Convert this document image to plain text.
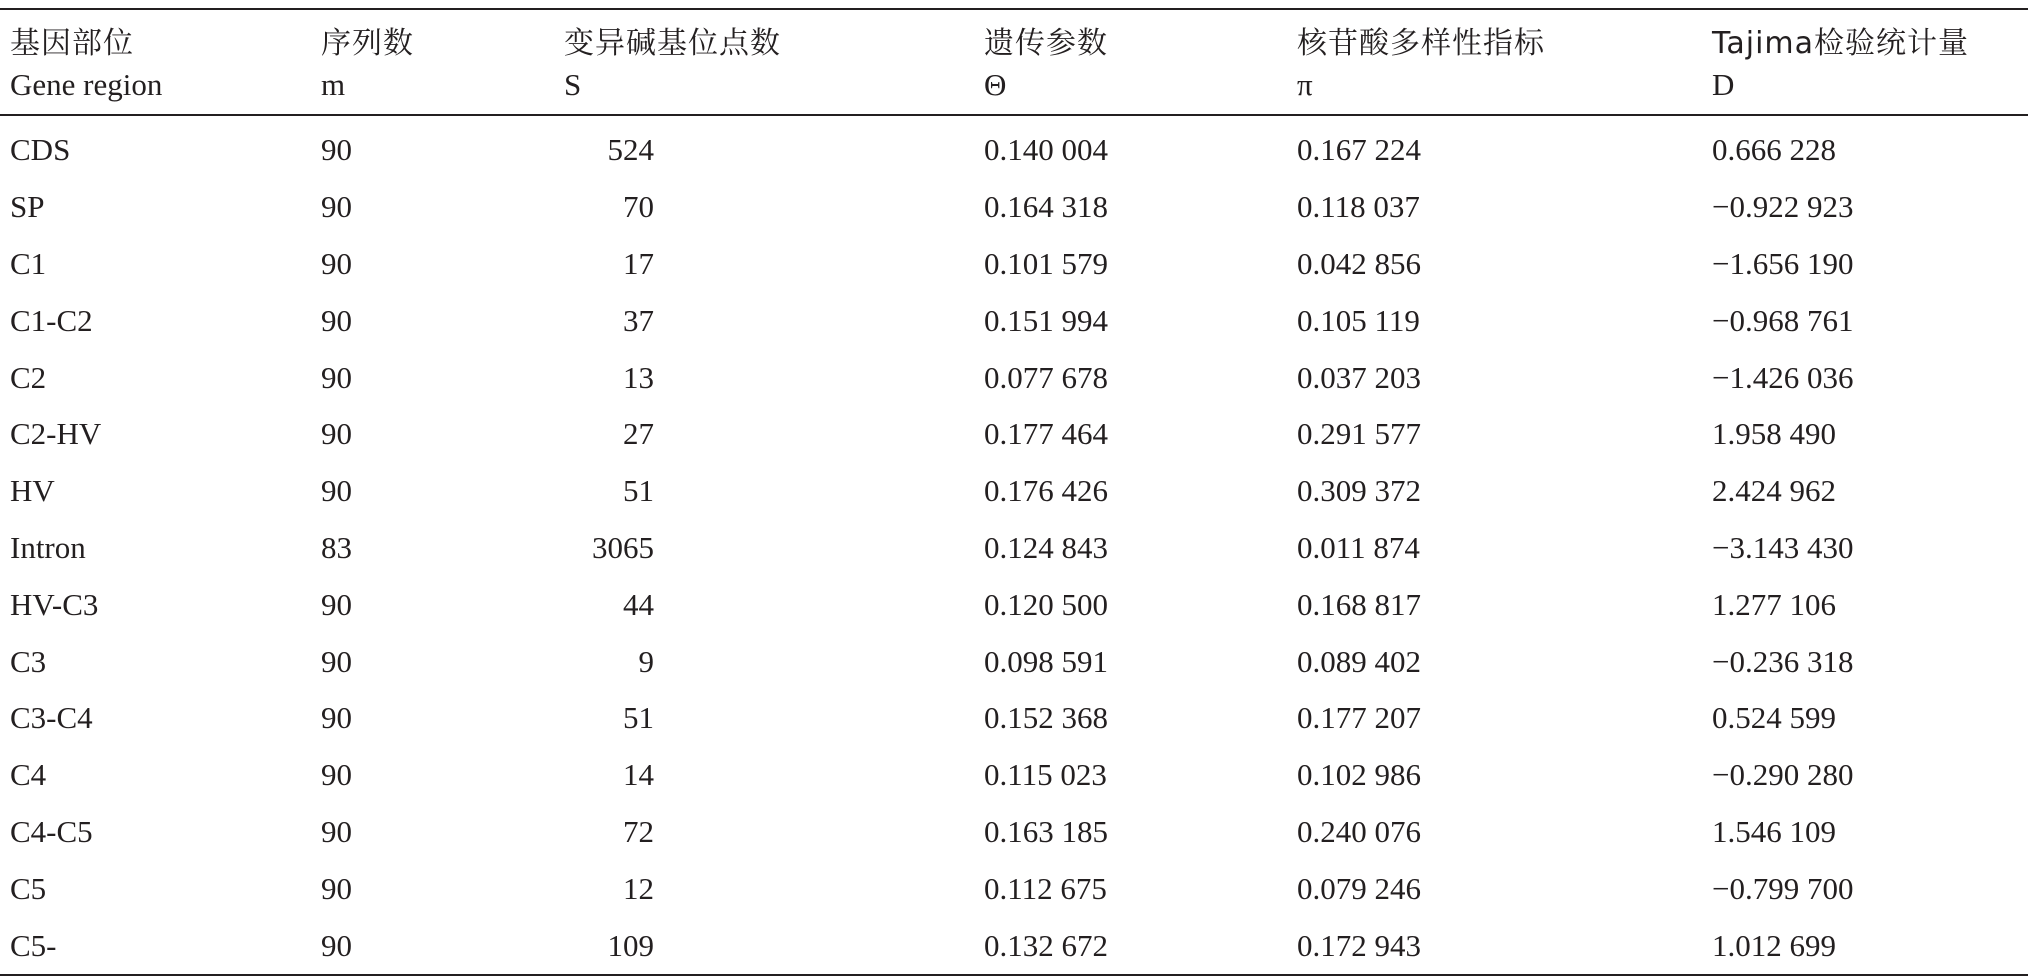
基因部位	序列数	变异碱基位点数	遗传参数	核苷酸多样性指标	Tajima检验统计量
Gene region	m	S	Θ	π	D
CDS	90	524	0.140 004	0.167 224	0.666 228
SP	90	70	0.164 318	0.118 037	−0.922 923
C1	90	17	0.101 579	0.042 856	−1.656 190
C1-C2	90	37	0.151 994	0.105 119	−0.968 761
C2	90	13	0.077 678	0.037 203	−1.426 036
C2-HV	90	27	0.177 464	0.291 577	1.958 490
HV	90	51	0.176 426	0.309 372	2.424 962
Intron	83	3065	0.124 843	0.011 874	−3.143 430
HV-C3	90	44	0.120 500	0.168 817	1.277 106
C3	90	9	0.098 591	0.089 402	−0.236 318
C3-C4	90	51	0.152 368	0.177 207	0.524 599
C4	90	14	0.115 023	0.102 986	−0.290 280
C4-C5	90	72	0.163 185	0.240 076	1.546 109
C5	90	12	0.112 675	0.079 246	−0.799 700
C5-	90	109	0.132 672	0.172 943	1.012 699
